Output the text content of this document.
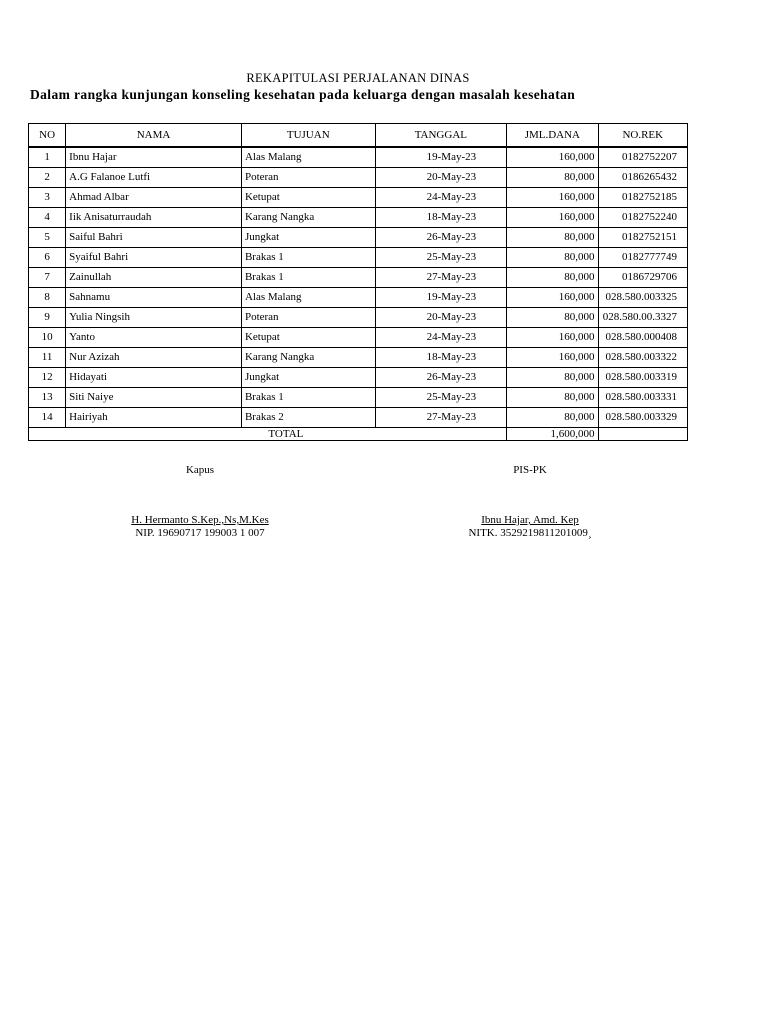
REKAPITULASI PERJALANAN DINAS
Dalam rangka kunjungan konseling kesehatan pada keluarga dengan masalah kesehatan
NO	NAMA	TUJUAN	TANGGAL	JML.DANA	NO.REK
1	Ibnu Hajar	Alas Malang	19-May-23	160,000	0182752207
2	A.G Falanoe Lutfi	Poteran	20-May-23	80,000	0186265432
3	Ahmad Albar	Ketupat	24-May-23	160,000	0182752185
4	Iik Anisaturraudah	Karang Nangka	18-May-23	160,000	0182752240
5	Saiful Bahri	Jungkat	26-May-23	80,000	0182752151
6	Syaiful Bahri	Brakas 1	25-May-23	80,000	0182777749
7	Zainullah	Brakas 1	27-May-23	80,000	0186729706
8	Sahnamu	Alas Malang	19-May-23	160,000	028.580.003325
9	Yulia Ningsih	Poteran	20-May-23	80,000	028.580.00.3327
10	Yanto	Ketupat	24-May-23	160,000	028.580.000408
11	Nur Azizah	Karang Nangka	18-May-23	160,000	028.580.003322
12	Hidayati	Jungkat	26-May-23	80,000	028.580.003319
13	Siti Naiye	Brakas 1	25-May-23	80,000	028.580.003331
14	Hairiyah	Brakas 2	27-May-23	80,000	028.580.003329
	TOTAL			1,600,000	
Kapus
H. Hermanto S.Kep.,Ns,M.Kes
NIP. 19690717 199003 1 007
PIS-PK
Ibnu Hajar, Amd. Kep
NITK. 3529219811201009¸
